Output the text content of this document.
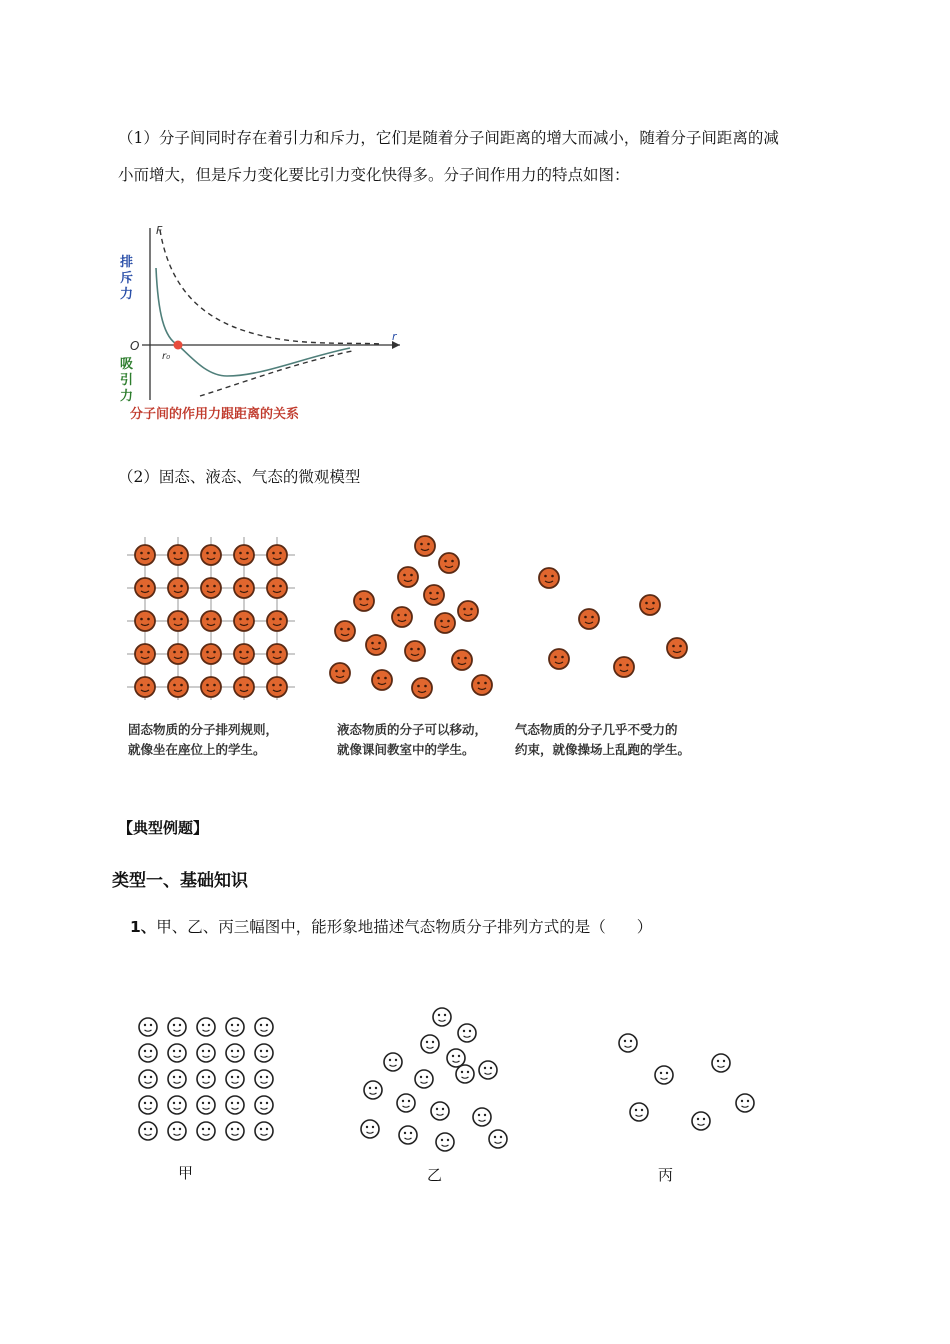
（1）分子间同时存在着引力和斥力，它们是随着分子间距离的增大而减小，随着分子间距离的减
小而增大，但是斥力变化要比引力变化快得多。分子间作用力的特点如图：
F
r
O
r₀
排
斥
力
吸
引
力
分子间的作用力跟距离的关系
（2）固态、液态、气态的微观模型
固态物质的分子排列规则，
就像坐在座位上的学生。
液态物质的分子可以移动，
就像课间教室中的学生。
气态物质的分子几乎不受力的
约束，就像操场上乱跑的学生。
【典型例题】
类型一、基础知识
1、甲、乙、丙三幅图中，能形象地描述气态物质分子排列方式的是（　　）
甲	乙	丙
